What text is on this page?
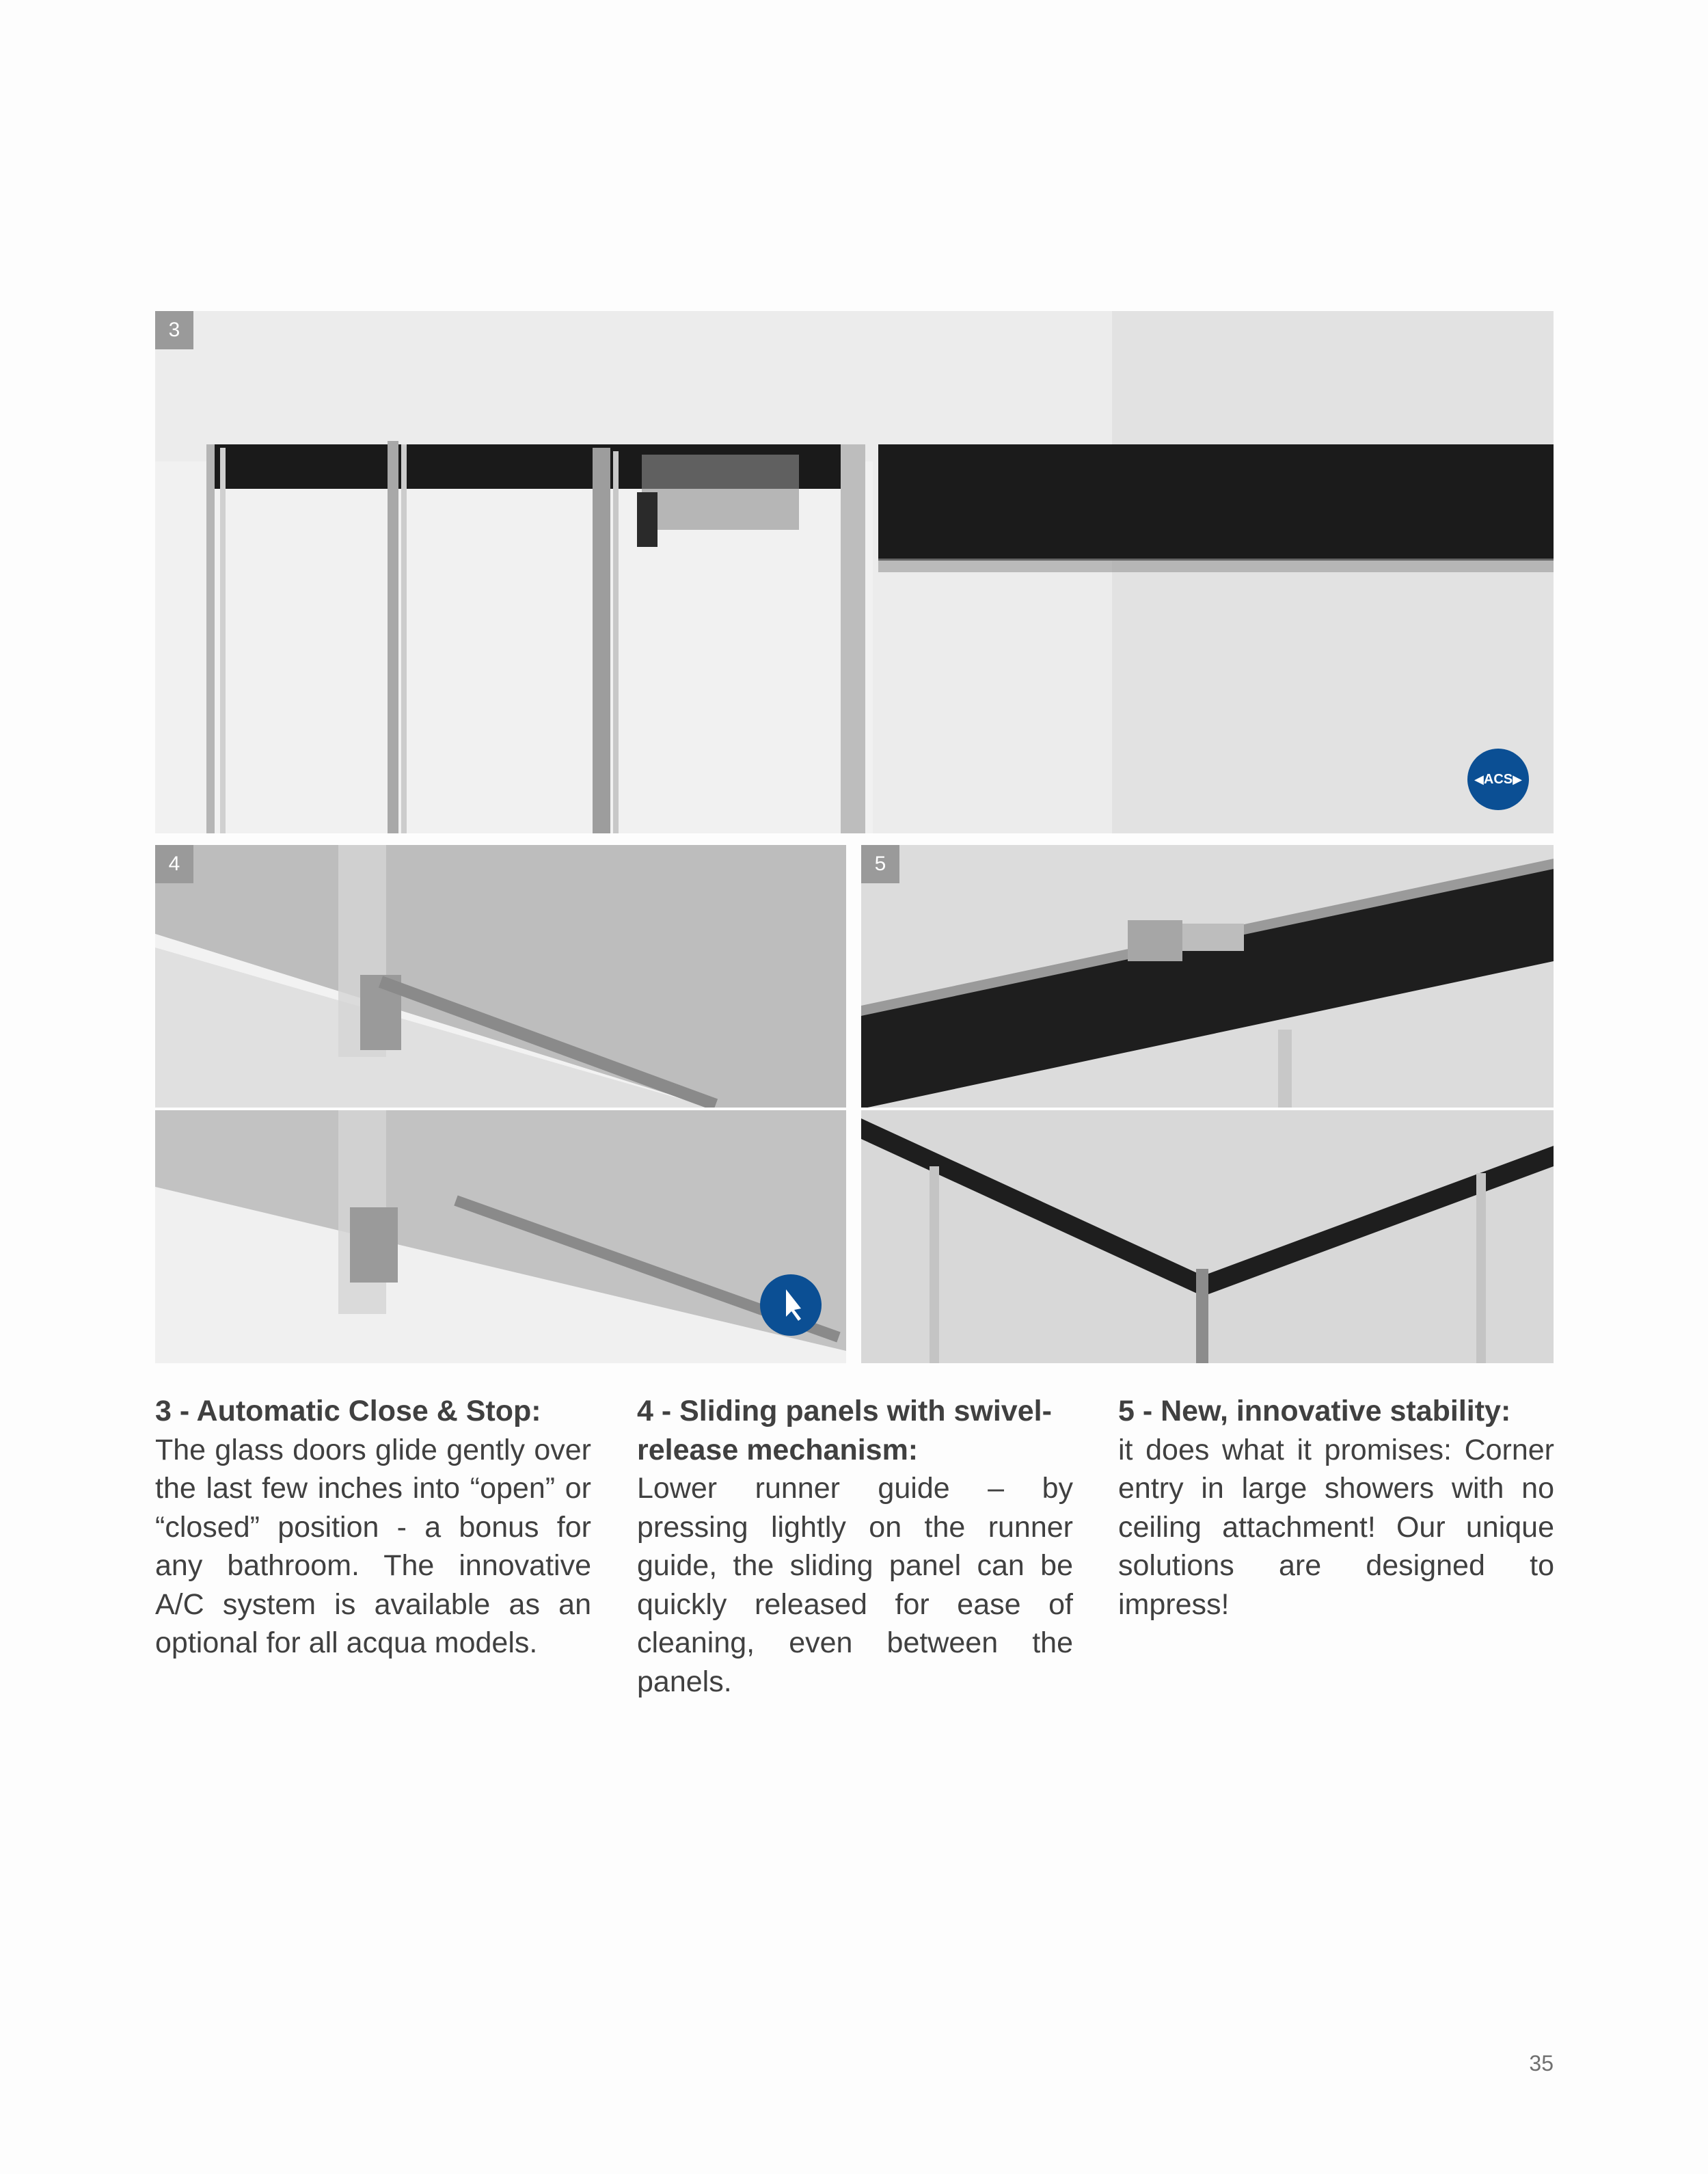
3
◀ACS▶
4	5
3 - Automatic Close & Stop:

The glass doors glide gently over the last few inches into “open” or “closed” position - a bonus for any bathroom. The innovative A/C system is available as an optional for all acqua models.

4 - Sliding panels with swivel-release mechanism:

Lower runner guide – by pressing lightly on the runner guide, the sliding panel can be quickly released for ease of cleaning, even between the panels.

5 - New, innovative stability:

it does what it promises: Corner entry in large showers with no ceiling attachment! Our unique solutions are designed to impress!

35
